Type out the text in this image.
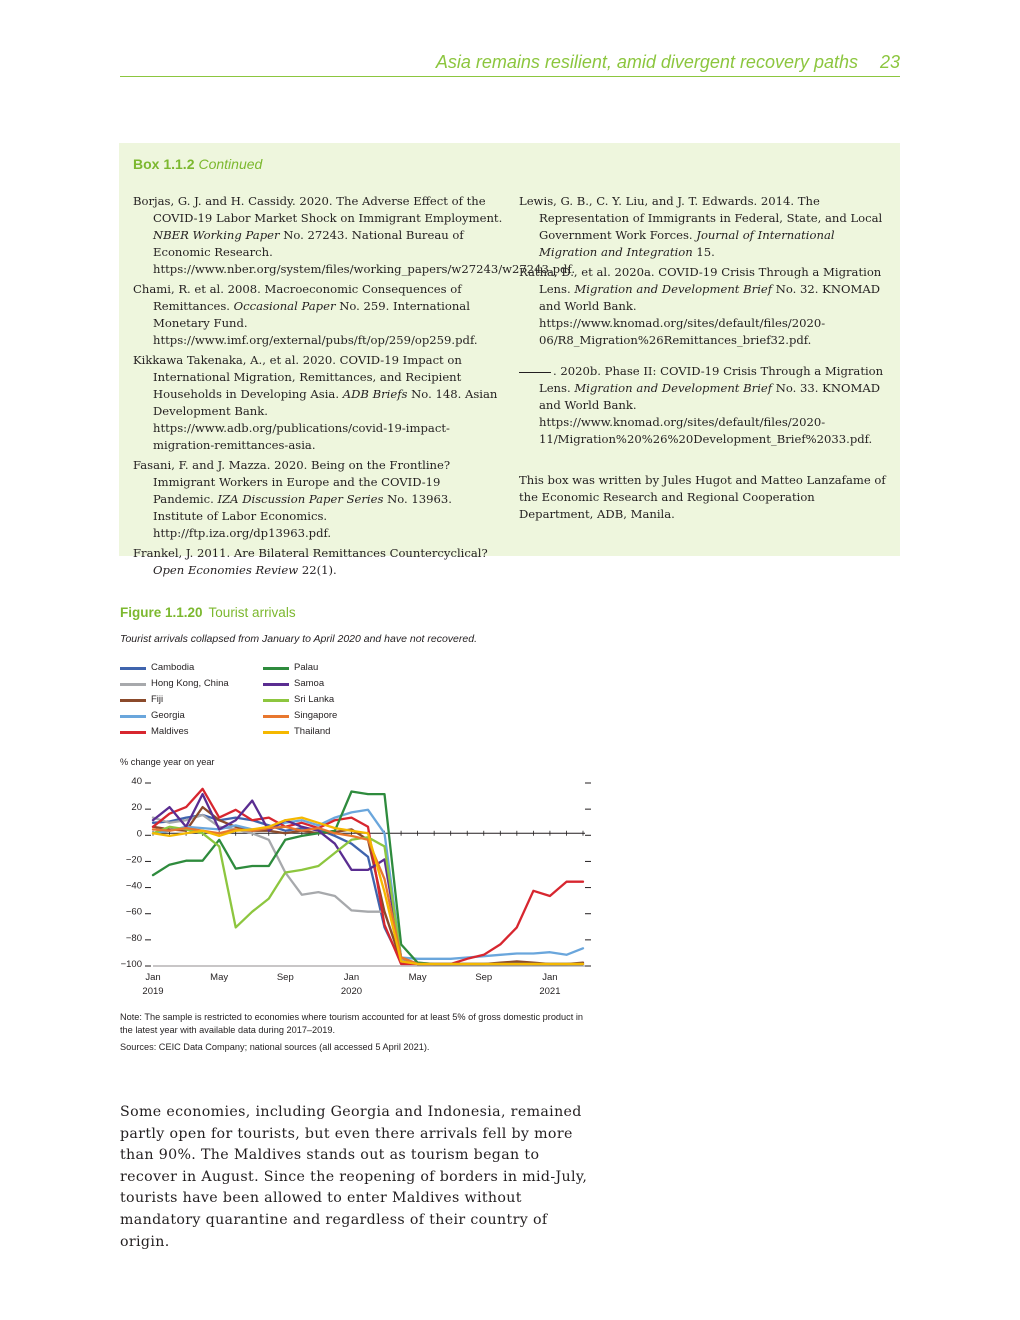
Asia remains resilient, amid divergent recovery paths 23
Box 1.1.2 Continued
Borjas, G. J. and H. Cassidy. 2020. The Adverse Effect of the COVID-19 Labor Market Shock on Immigrant Employment. NBER Working Paper No. 27243. National Bureau of Economic Research. https://www.nber.org/system/files/working_papers/w27243/w27243.pdf.
Chami, R. et al. 2008. Macroeconomic Consequences of Remittances. Occasional Paper No. 259. International Monetary Fund. https://www.imf.org/external/pubs/ft/op/259/op259.pdf.
Kikkawa Takenaka, A., et al. 2020. COVID-19 Impact on International Migration, Remittances, and Recipient Households in Developing Asia. ADB Briefs No. 148. Asian Development Bank. https://www.adb.org/publications/covid-19-impact-migration-remittances-asia.
Fasani, F. and J. Mazza. 2020. Being on the Frontline? Immigrant Workers in Europe and the COVID-19 Pandemic. IZA Discussion Paper Series No. 13963. Institute of Labor Economics. http://ftp.iza.org/dp13963.pdf.
Frankel, J. 2011. Are Bilateral Remittances Countercyclical? Open Economies Review 22(1).
Lewis, G. B., C. Y. Liu, and J. T. Edwards. 2014. The Representation of Immigrants in Federal, State, and Local Government Work Forces. Journal of International Migration and Integration 15.
Ratha, D., et al. 2020a. COVID-19 Crisis Through a Migration Lens. Migration and Development Brief No. 32. KNOMAD and World Bank. https://www.knomad.org/sites/default/files/2020-06/R8_Migration%26Remittances_brief32.pdf.
. 2020b. Phase II: COVID-19 Crisis Through a Migration Lens. Migration and Development Brief No. 33. KNOMAD and World Bank. https://www.knomad.org/sites/default/files/2020-11/Migration%20%26%20Development_Brief%2033.pdf.
This box was written by Jules Hugot and Matteo Lanzafame of the Economic Research and Regional Cooperation Department, ADB, Manila.
Figure 1.1.20 Tourist arrivals
Tourist arrivals collapsed from January to April 2020 and have not recovered.
Cambodia
Hong Kong, China
Fiji
Georgia
Maldives
Palau
Samoa
Sri Lanka
Singapore
Thailand
% change year on year
40
20
0
−20
−40
−60
−80
−100
Jan
2019
May	Sep	Jan
2020
May	Sep	Jan
2021
Note: The sample is restricted to economies where tourism accounted for at least 5% of gross domestic product in the latest year with available data during 2017–2019.
Sources: CEIC Data Company; national sources (all accessed 5 April 2021).
Some economies, including Georgia and Indonesia, remained partly open for tourists, but even there arrivals fell by more than 90%. The Maldives stands out as tourism began to recover in August. Since the reopening of borders in mid-July, tourists have been allowed to enter Maldives without mandatory quarantine and regardless of their country of origin.
